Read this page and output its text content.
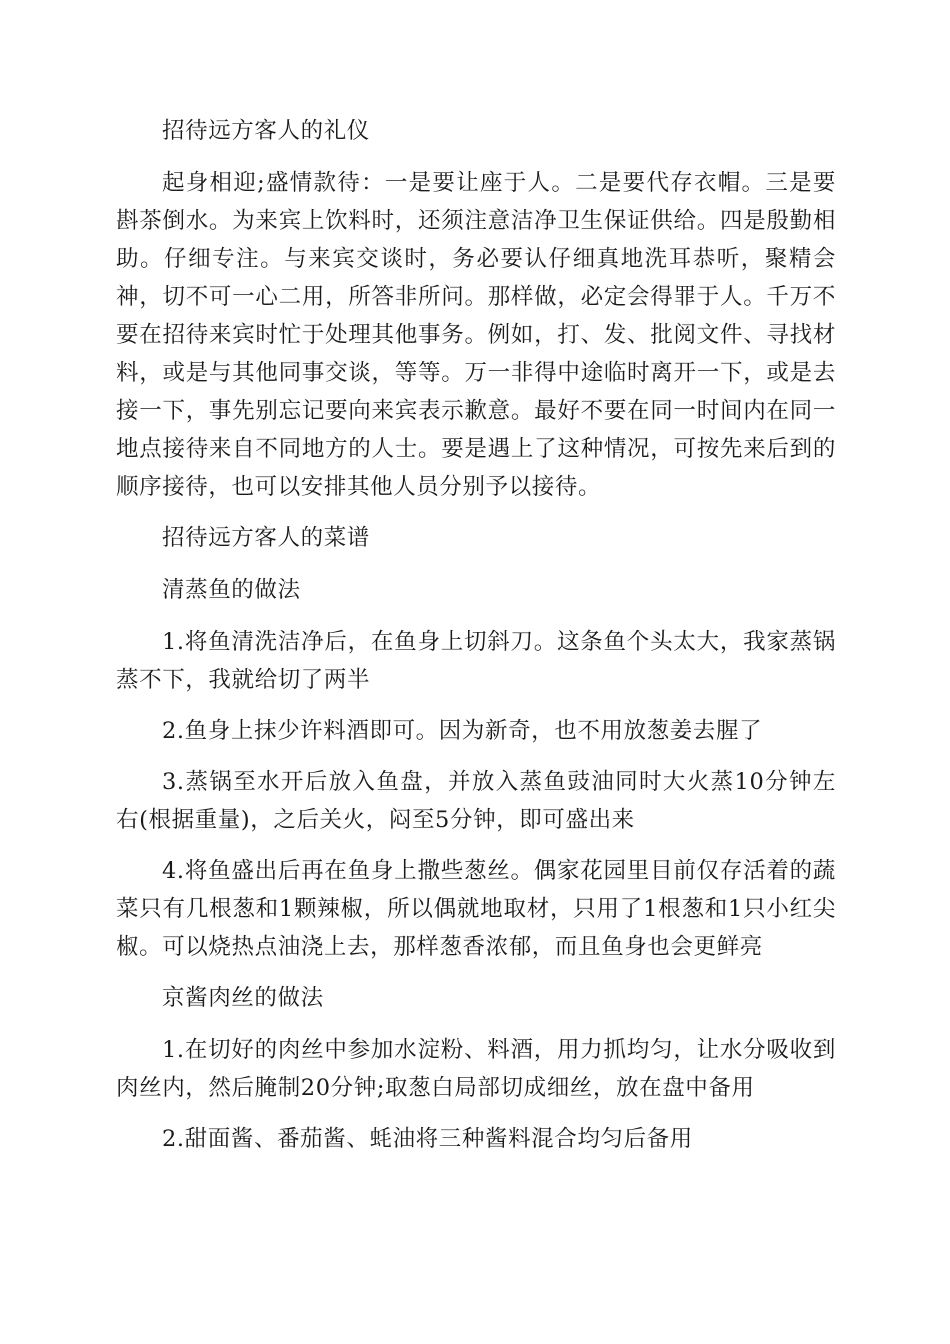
招待远方客人的礼仪

起身相迎;盛情款待：一是要让座于人。二是要代存衣帽。三是要斟茶倒水。为来宾上饮料时，还须注意洁净卫生保证供给。四是殷勤相助。仔细专注。与来宾交谈时，务必要认仔细真地洗耳恭听，聚精会神，切不可一心二用，所答非所问。那样做，必定会得罪于人。千万不要在招待来宾时忙于处理其他事务。例如，打、发、批阅文件、寻找材料，或是与其他同事交谈，等等。万一非得中途临时离开一下，或是去接一下，事先别忘记要向来宾表示歉意。最好不要在同一时间内在同一地点接待来自不同地方的人士。要是遇上了这种情况，可按先来后到的顺序接待，也可以安排其他人员分别予以接待。

招待远方客人的菜谱

清蒸鱼的做法

1.将鱼清洗洁净后，在鱼身上切斜刀。这条鱼个头太大，我家蒸锅蒸不下，我就给切了两半

2.鱼身上抹少许料酒即可。因为新奇，也不用放葱姜去腥了

3.蒸锅至水开后放入鱼盘，并放入蒸鱼豉油同时大火蒸10分钟左右(根据重量)，之后关火，闷至5分钟，即可盛出来

4.将鱼盛出后再在鱼身上撒些葱丝。偶家花园里目前仅存活着的蔬菜只有几根葱和1颗辣椒，所以偶就地取材，只用了1根葱和1只小红尖椒。可以烧热点油浇上去，那样葱香浓郁，而且鱼身也会更鲜亮

京酱肉丝的做法

1.在切好的肉丝中参加水淀粉、料酒，用力抓均匀，让水分吸收到肉丝内，然后腌制20分钟;取葱白局部切成细丝，放在盘中备用

2.甜面酱、番茄酱、蚝油将三种酱料混合均匀后备用
